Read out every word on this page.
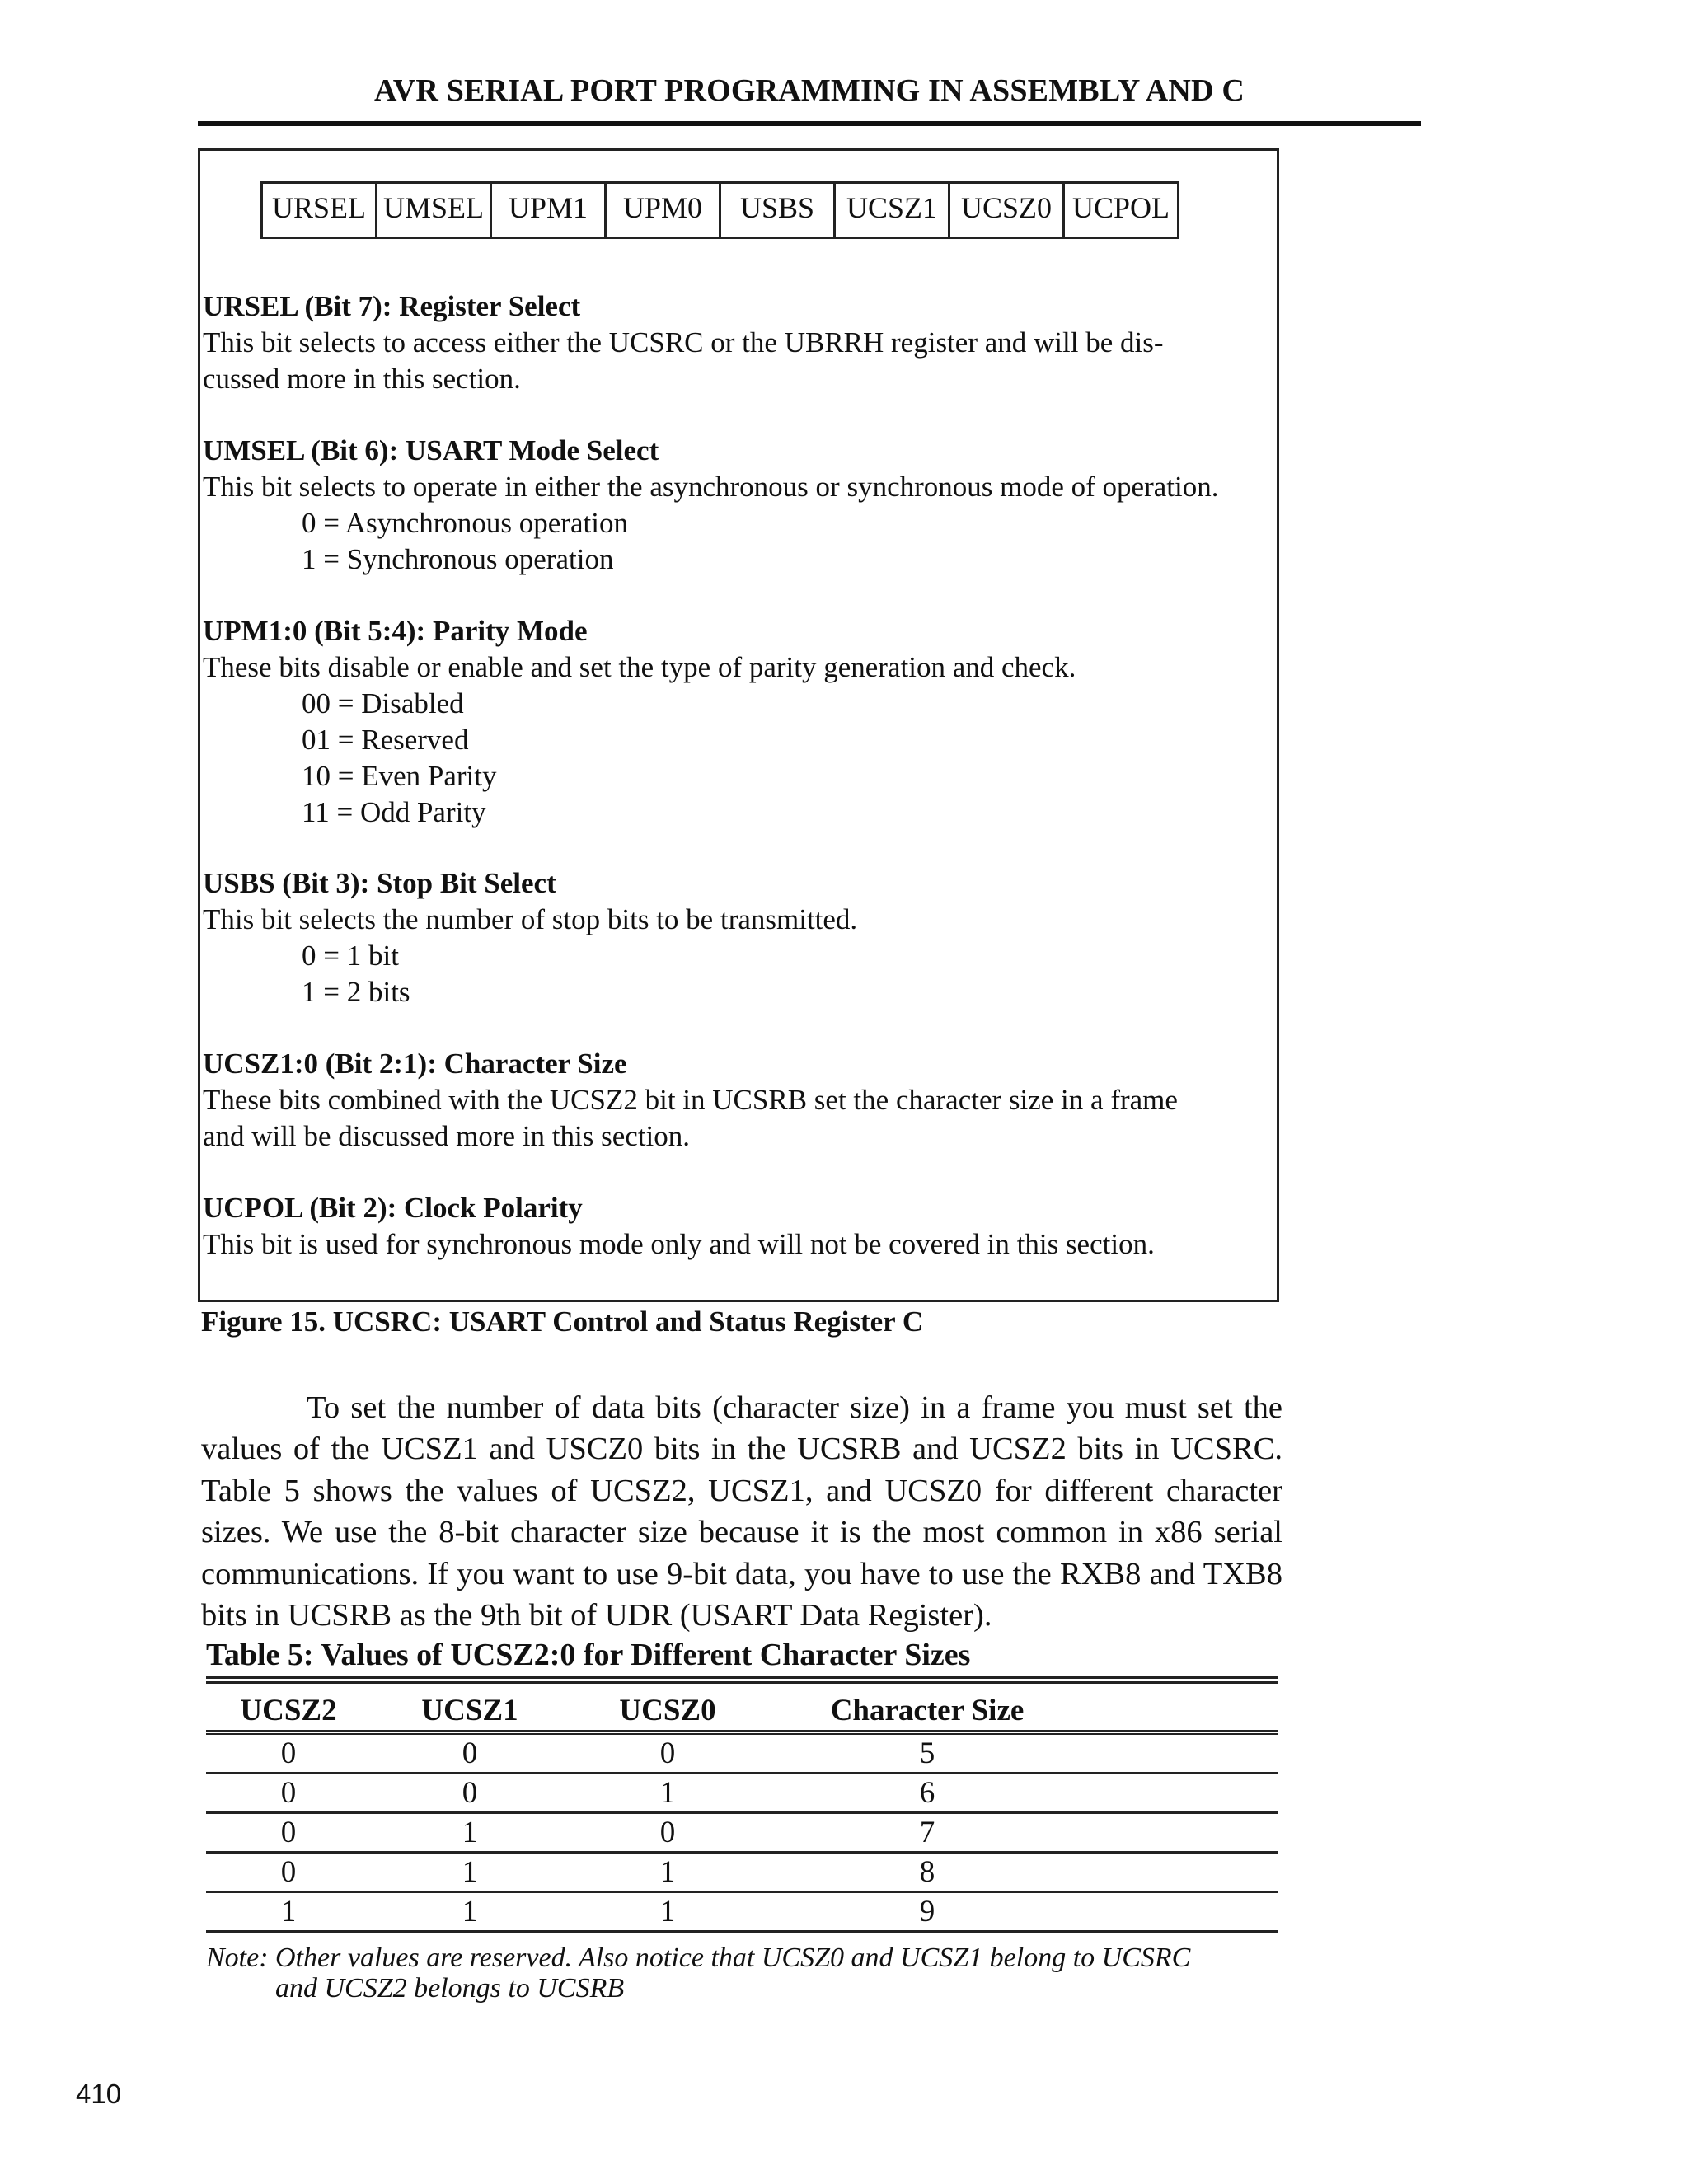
AVR SERIAL PORT PROGRAMMING IN ASSEMBLY AND C
URSEL	UMSEL	UPM1	UPM0	USBS	UCSZ1	UCSZ0	UCPOL
URSEL (Bit 7): Register Select
This bit selects to access either the UCSRC or the UBRRH register and will be dis-
cussed more in this section.
UMSEL (Bit 6): USART Mode Select
This bit selects to operate in either the asynchronous or synchronous mode of operation.
0 = Asynchronous operation
1 = Synchronous operation
UPM1:0 (Bit 5:4): Parity Mode
These bits disable or enable and set the type of parity generation and check.
00 = Disabled
01 = Reserved
10 = Even Parity
11 = Odd Parity
USBS (Bit 3): Stop Bit Select
This bit selects the number of stop bits to be transmitted.
0 = 1 bit
1 = 2 bits
UCSZ1:0 (Bit 2:1): Character Size
These bits combined with the UCSZ2 bit in UCSRB set the character size in a frame
and will be discussed more in this section.
UCPOL (Bit 2): Clock Polarity
This bit is used for synchronous mode only and will not be covered in this section.
Figure 15. UCSRC: USART Control and Status Register C
To set the number of data bits (character size) in a frame you must set the values of the UCSZ1 and USCZ0 bits in the UCSRB and UCSZ2 bits in UCSRC. Table 5 shows the values of UCSZ2, UCSZ1, and UCSZ0 for different character sizes. We use the 8-bit character size because it is the most common in x86 serial communications. If you want to use 9-bit data, you have to use the RXB8 and TXB8 bits in UCSRB as the 9th bit of UDR (USART Data Register).
Table 5: Values of UCSZ2:0 for Different Character Sizes
UCSZ2	UCSZ1	UCSZ0	Character Size	
0	0	0	5	
0	0	1	6	
0	1	0	7	
0	1	1	8	
1	1	1	9	
Note: Other values are reserved. Also notice that UCSZ0 and UCSZ1 belong to UCSRC
and UCSZ2 belongs to UCSRB
410
